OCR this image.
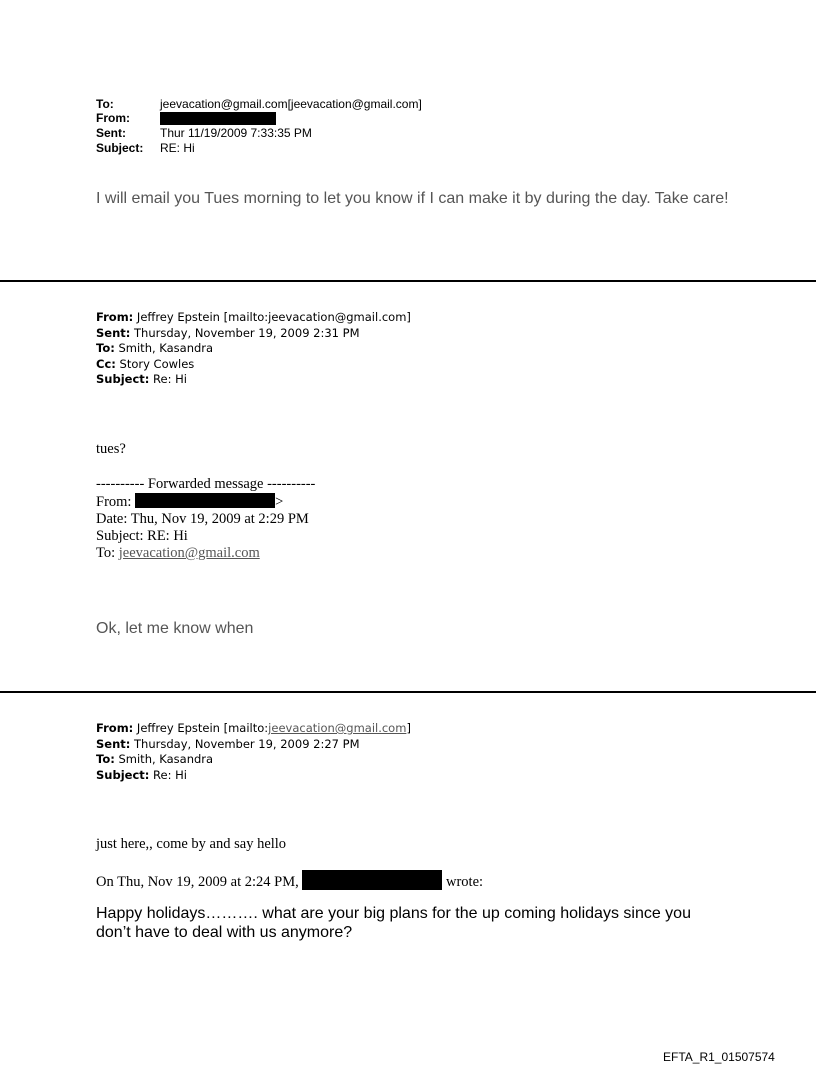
To:	jeevacation@gmail.com[jeevacation@gmail.com]
From:
Sent:	Thur 11/19/2009 7:33:35 PM
Subject: RE: Hi
I will email you Tues morning to let you know if I can make it by during the day. Take care!
From: Jeffrey Epstein [mailto:jeevacation@gmail.com]
Sent: Thursday, November 19, 2009 2:31 PM
To: Smith, Kasandra
Cc: Story Cowles
Subject: Re: Hi
tues?
---------- Forwarded message ----------
From:	>
Date: Thu, Nov 19, 2009 at 2:29 PM
Subject: RE: Hi
To: jeevacation@gmail.com
Ok, let me know when
From: Jeffrey Epstein [mailto:jeevacation@gmail.com]
Sent: Thursday, November 19, 2009 2:27 PM
To: Smith, Kasandra
Subject: Re: Hi
just here,, come by and say hello
On Thu, Nov 19, 2009 at 2:24 PM,	wrote:
Happy holidays………. what are your big plans for the up coming holidays since you don’t have to deal with us anymore?
EFTA_R1_01507574
